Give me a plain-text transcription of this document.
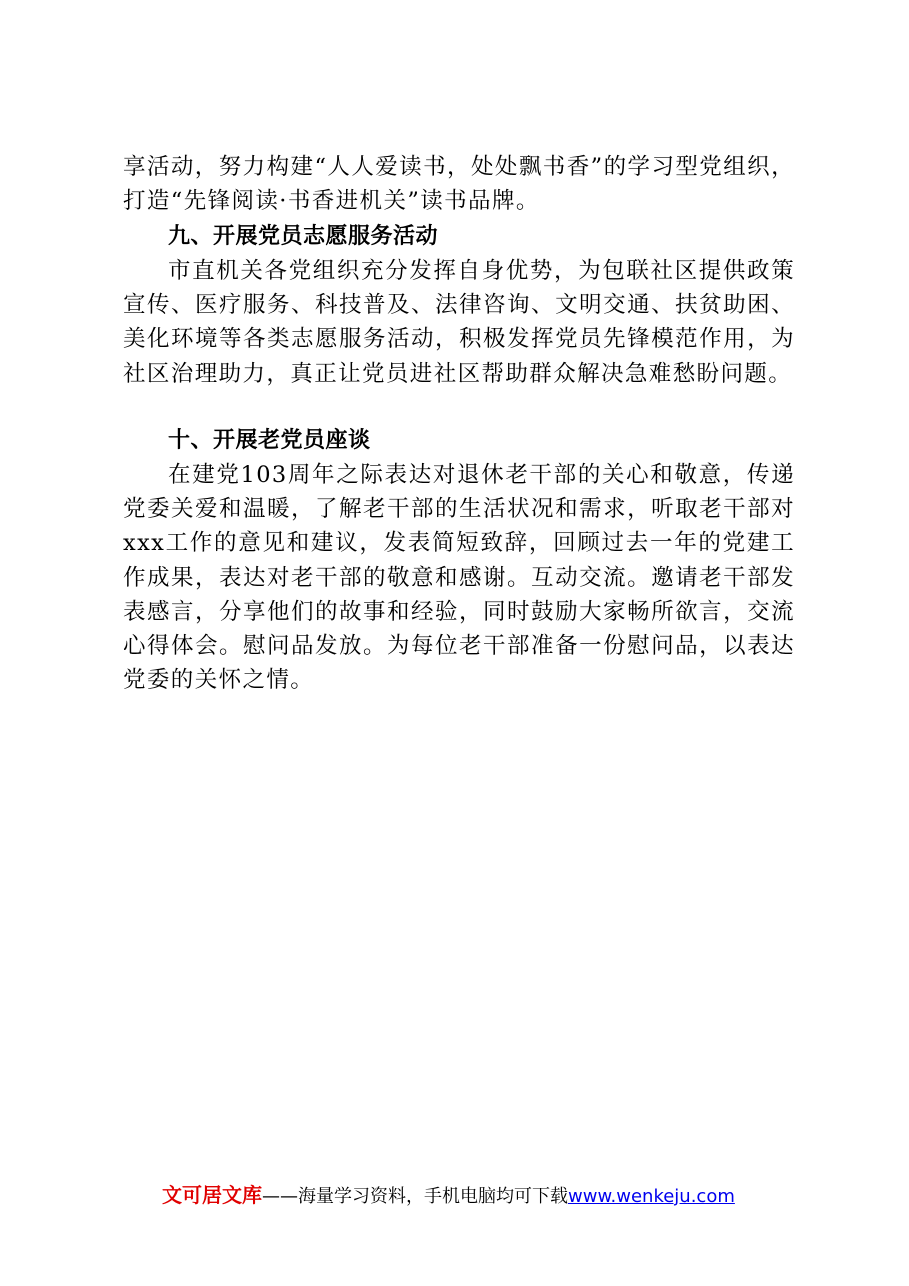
享活动，努力构建“人人爱读书，处处飘书香”的学习型党组织，打造“先锋阅读·书香进机关”读书品牌。
九、开展党员志愿服务活动
市直机关各党组织充分发挥自身优势，为包联社区提供政策宣传、医疗服务、科技普及、法律咨询、文明交通、扶贫助困、美化环境等各类志愿服务活动，积极发挥党员先锋模范作用，为社区治理助力，真正让党员进社区帮助群众解决急难愁盼问题。
十、开展老党员座谈
在建党103周年之际表达对退休老干部的关心和敬意，传递党委关爱和温暖，了解老干部的生活状况和需求，听取老干部对xxx工作的意见和建议，发表简短致辞，回顾过去一年的党建工作成果，表达对老干部的敬意和感谢。互动交流。邀请老干部发表感言，分享他们的故事和经验，同时鼓励大家畅所欲言，交流心得体会。慰问品发放。为每位老干部准备一份慰问品，以表达党委的关怀之情。
文可居文库——海量学习资料，手机电脑均可下载www.wenkeju.com
